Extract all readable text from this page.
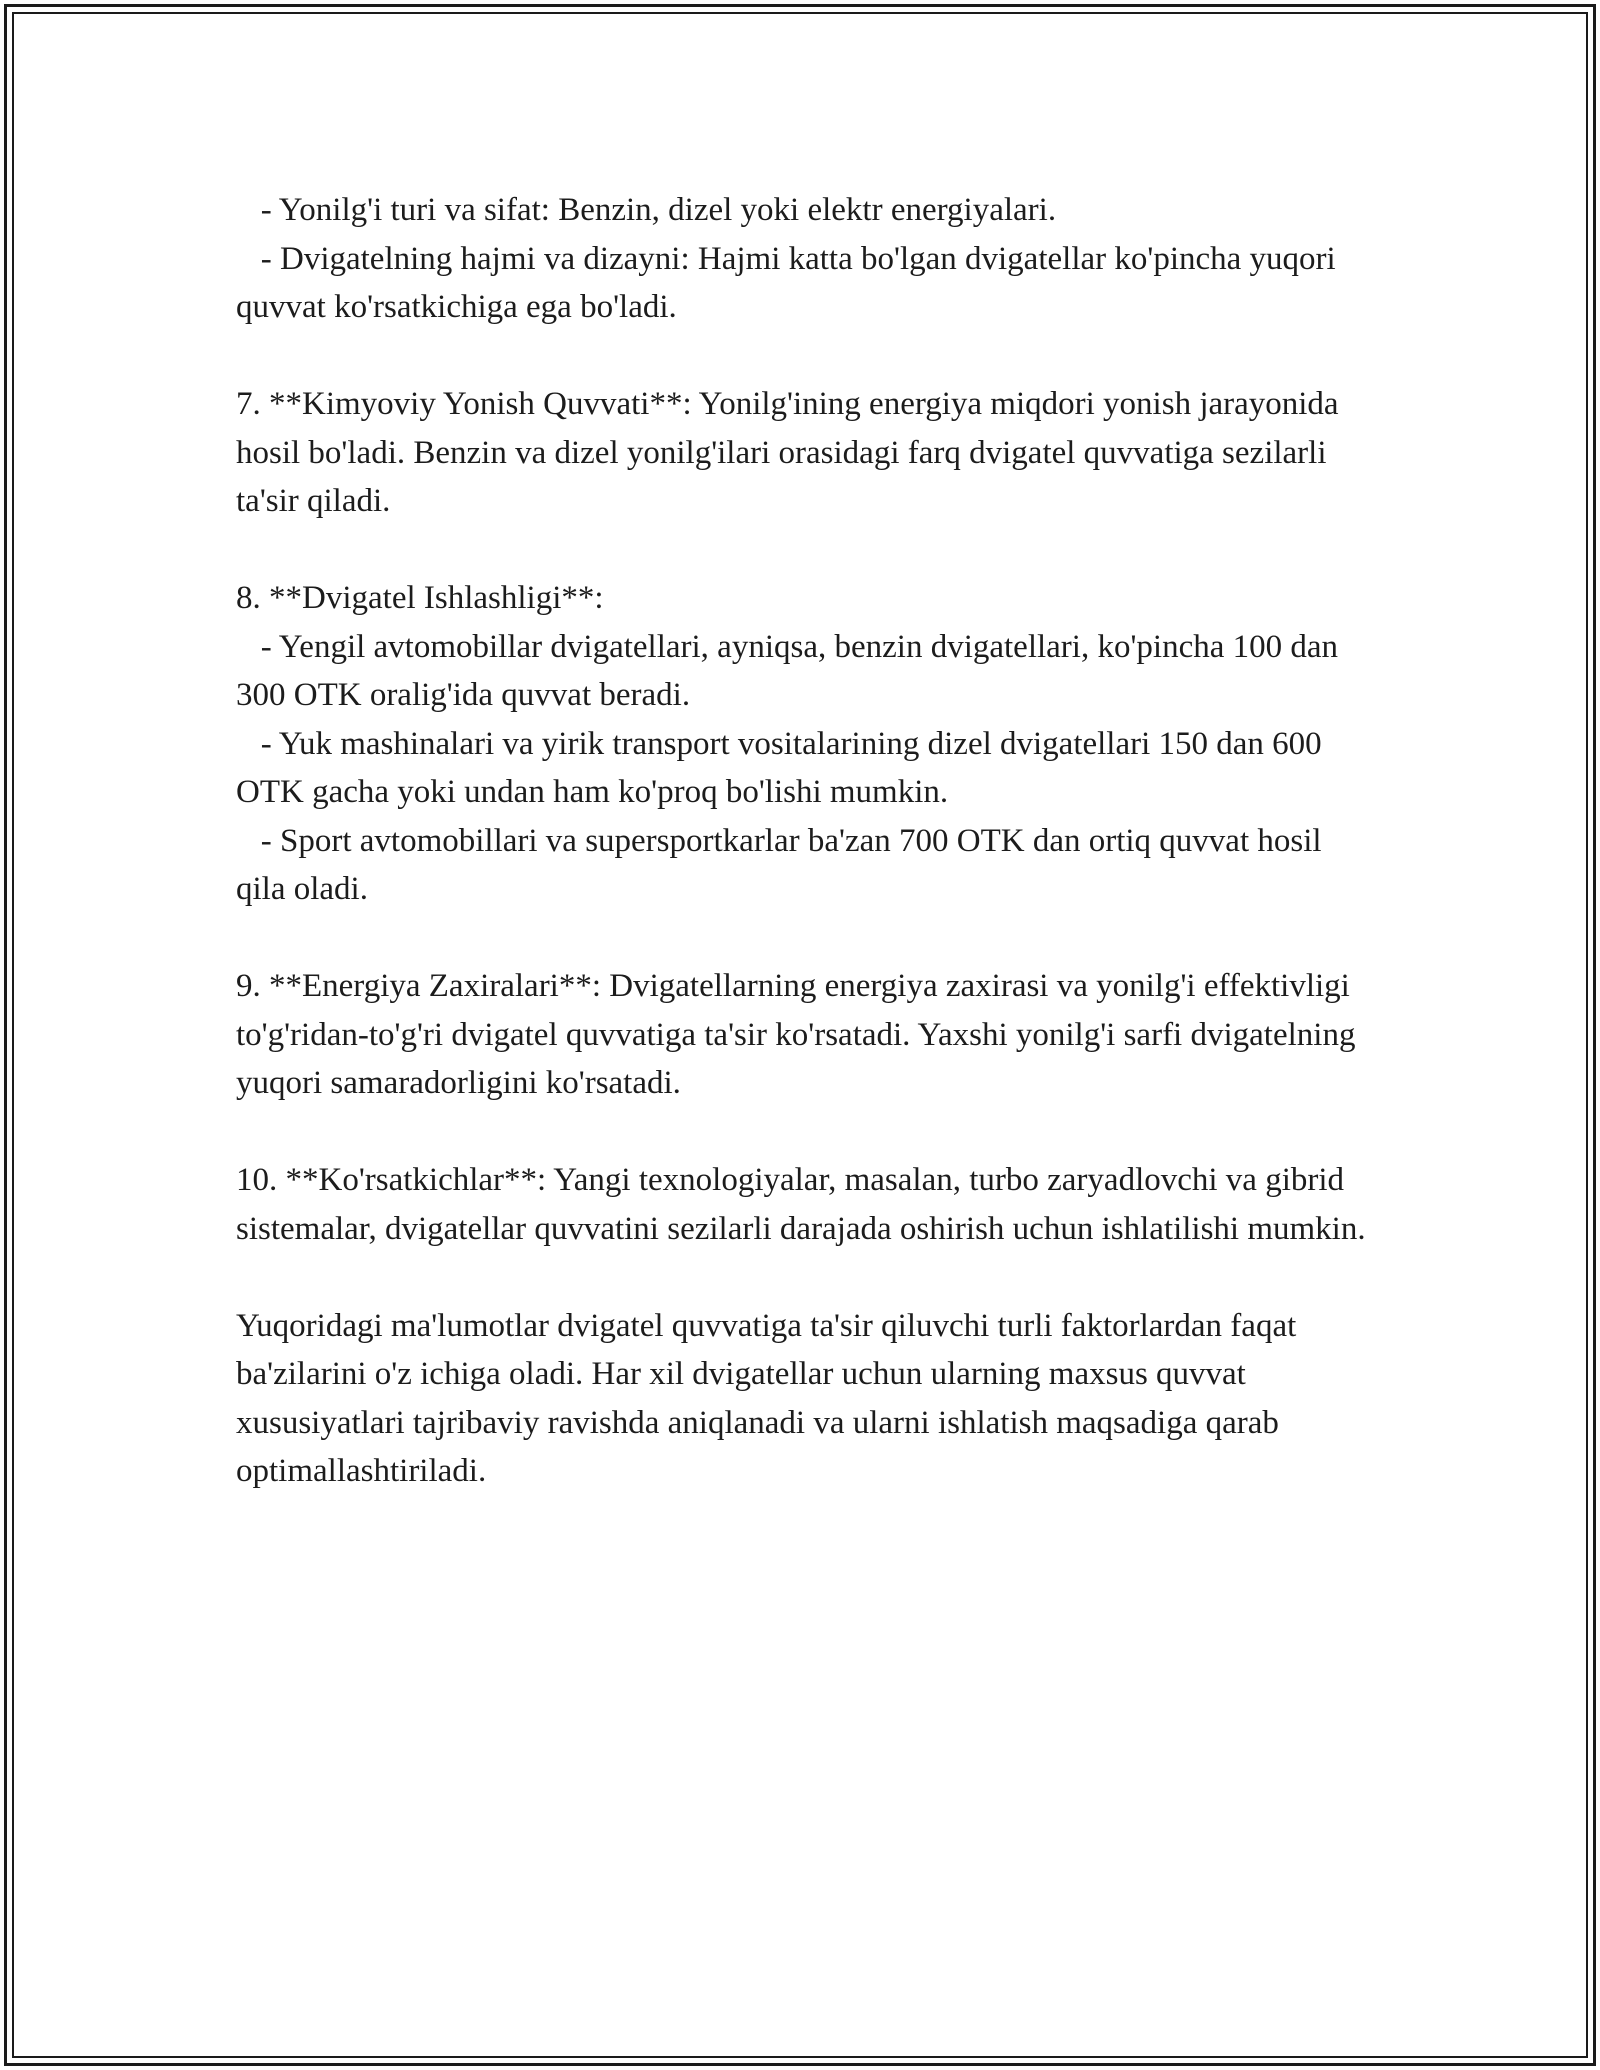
- Yonilg'i turi va sifat: Benzin, dizel yoki elektr energiyalari.
- Dvigatelning hajmi va dizayni: Hajmi katta bo'lgan dvigatellar ko'pincha yuqori quvvat ko'rsatkichiga ega bo'ladi.

7. **Kimyoviy Yonish Quvvati**: Yonilg'ining energiya miqdori yonish jarayonida hosil bo'ladi. Benzin va dizel yonilg'ilari orasidagi farq dvigatel quvvatiga sezilarli ta'sir qiladi.

8. **Dvigatel Ishlashligi**:
- Yengil avtomobillar dvigatellari, ayniqsa, benzin dvigatellari, ko'pincha 100 dan 300 OTK oralig'ida quvvat beradi.
- Yuk mashinalari va yirik transport vositalarining dizel dvigatellari 150 dan 600 OTK gacha yoki undan ham ko'proq bo'lishi mumkin.
- Sport avtomobillari va supersportkarlar ba'zan 700 OTK dan ortiq quvvat hosil qila oladi.

9. **Energiya Zaxiralari**: Dvigatellarning energiya zaxirasi va yonilg'i effektivligi to'g'ridan-to'g'ri dvigatel quvvatiga ta'sir ko'rsatadi. Yaxshi yonilg'i sarfi dvigatelning yuqori samaradorligini ko'rsatadi.

10. **Ko'rsatkichlar**: Yangi texnologiyalar, masalan, turbo zaryadlovchi va gibrid sistemalar, dvigatellar quvvatini sezilarli darajada oshirish uchun ishlatilishi mumkin.

Yuqoridagi ma'lumotlar dvigatel quvvatiga ta'sir qiluvchi turli faktorlardan faqat ba'zilarini o'z ichiga oladi. Har xil dvigatellar uchun ularning maxsus quvvat xususiyatlari tajribaviy ravishda aniqlanadi va ularni ishlatish maqsadiga qarab optimallashtiriladi.
